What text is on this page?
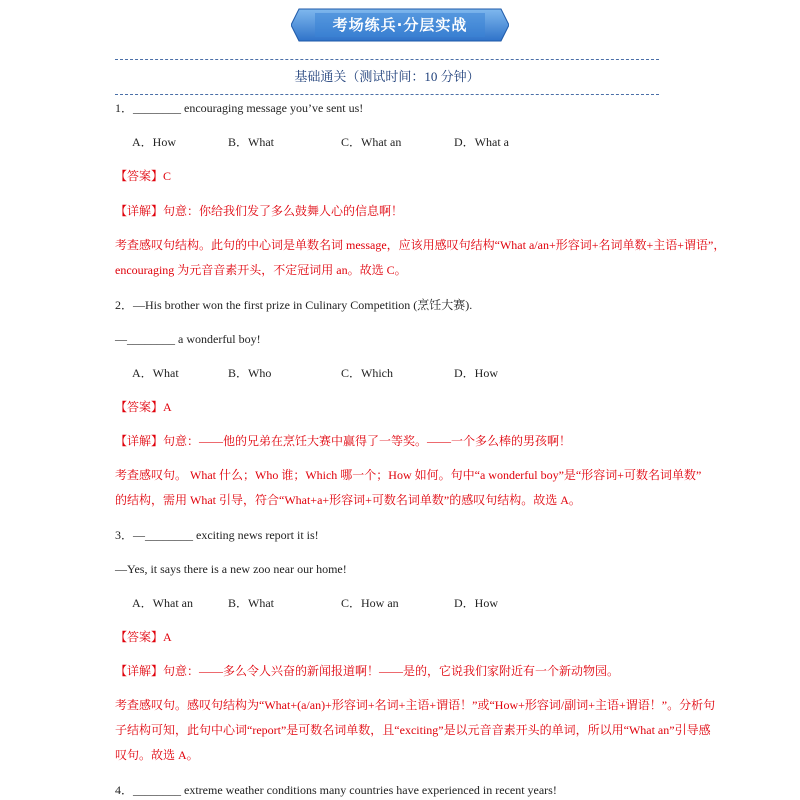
考场练兵·分层实战
基础通关（测试时间：10 分钟）
1．________ encouraging message you’ve sent us!
A．How	B．What	C．What an	D．What a
【答案】C
【详解】句意：你给我们发了多么鼓舞人心的信息啊！
考查感叹句结构。此句的中心词是单数名词 message，应该用感叹句结构“What a/an+形容词+名词单数+主语+谓语”，
encouraging 为元音音素开头，不定冠词用 an。故选 C。
2．—His brother won the first prize in Culinary Competition (烹饪大赛).
—________ a wonderful boy!
A．What	B．Who	C．Which	D．How
【答案】A
【详解】句意：——他的兄弟在烹饪大赛中赢得了一等奖。——一个多么棒的男孩啊！
考查感叹句。 What 什么；Who 谁；Which 哪一个；How 如何。句中“a wonderful boy”是“形容词+可数名词单数”
的结构，需用 What 引导，符合“What+a+形容词+可数名词单数”的感叹句结构。故选 A。
3．—________ exciting news report it is!
—Yes, it says there is a new zoo near our home!
A．What an	B．What	C．How an	D．How
【答案】A
【详解】句意：——多么令人兴奋的新闻报道啊！——是的，它说我们家附近有一个新动物园。
考查感叹句。感叹句结构为“What+(a/an)+形容词+名词+主语+谓语！”或“How+形容词/副词+主语+谓语！”。分析句
子结构可知，此句中心词“report”是可数名词单数，且“exciting”是以元音音素开头的单词，所以用“What an”引导感
叹句。故选 A。
4．________ extreme weather conditions many countries have experienced in recent years!
